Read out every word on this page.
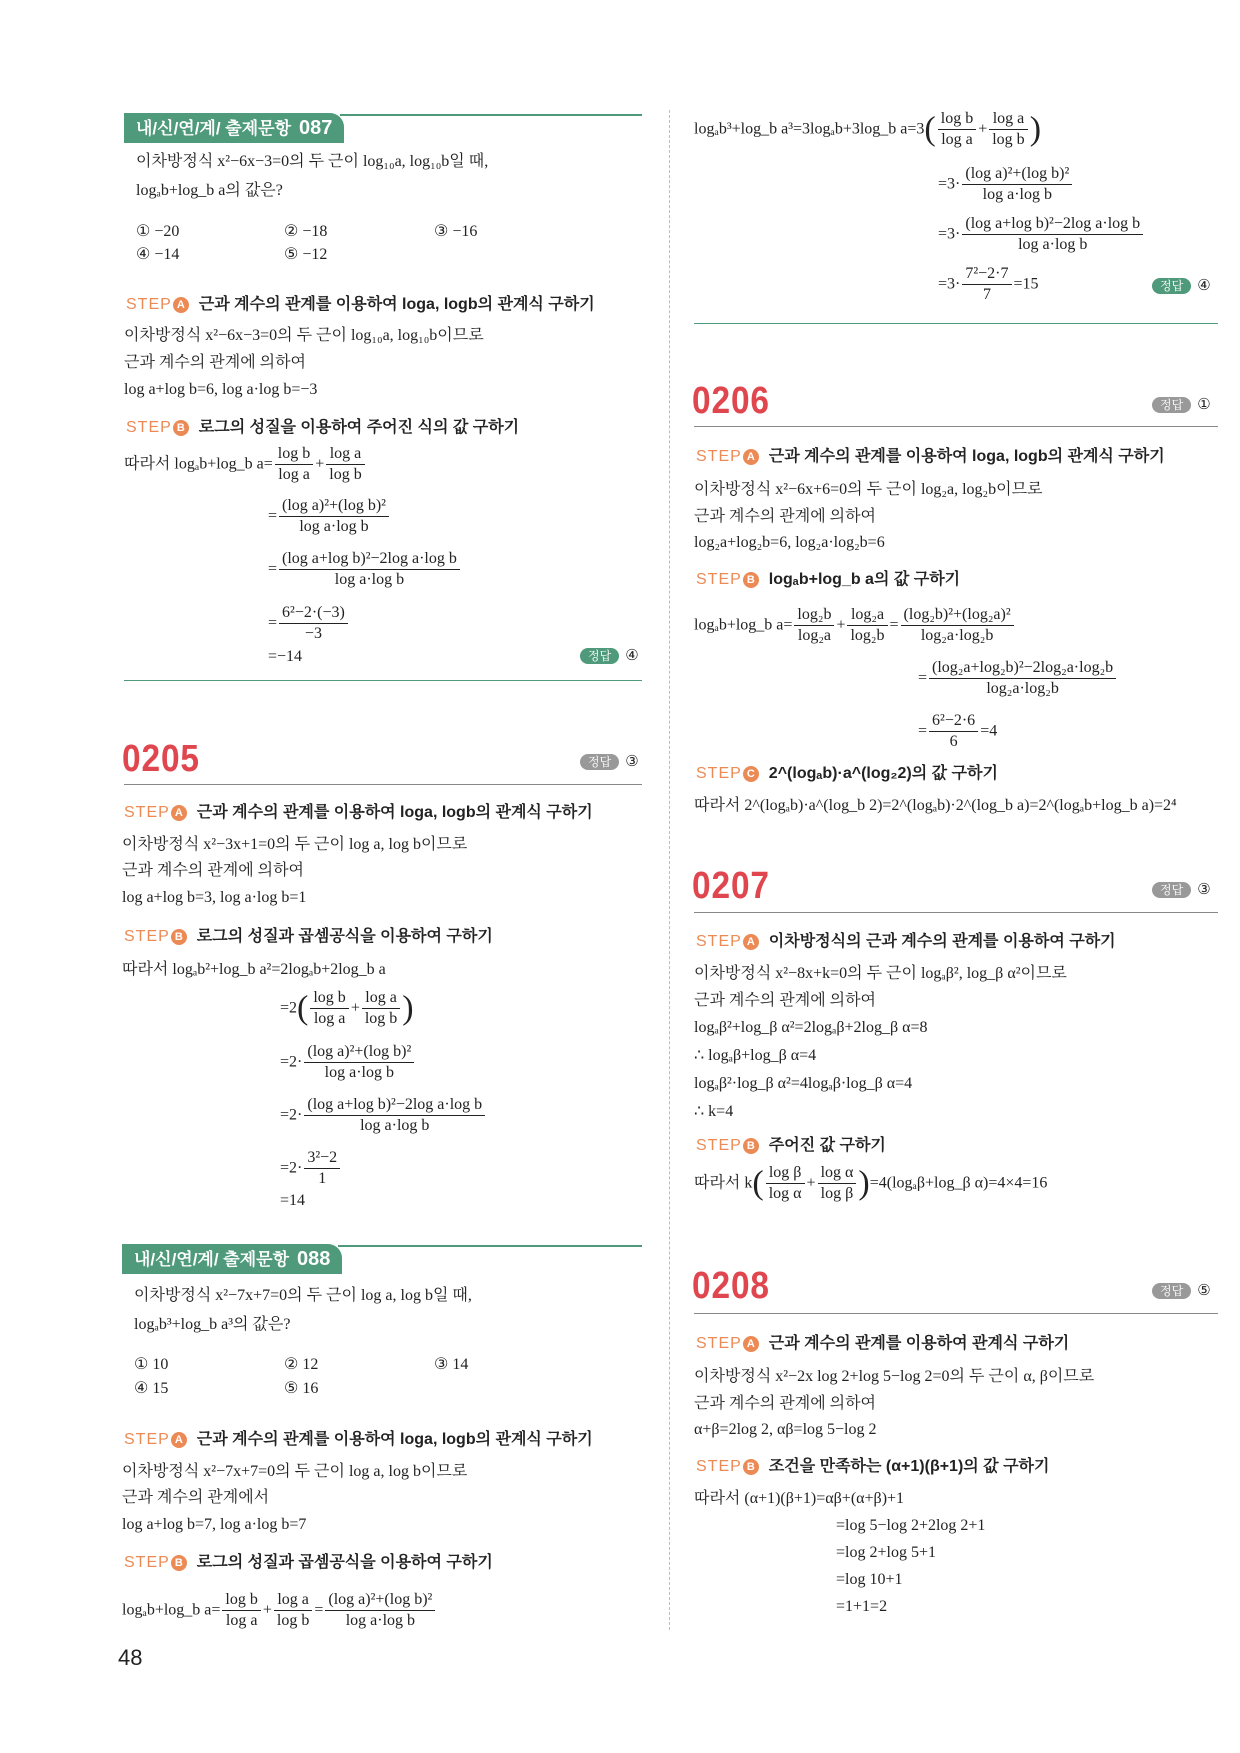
내/신/연/계/ 출제문항 087
이차방정식 x²−6x−3=0의 두 근이 log₁₀a, log₁₀b일 때,
logₐb+log_b a의 값은?
① −20	② −18	③ −16
④ −14	⑤ −12
STEP A 근과 계수의 관계를 이용하여 loga, logb의 관계식 구하기
이차방정식 x²−6x−3=0의 두 근이 log₁₀a, log₁₀b이므로
근과 계수의 관계에 의하여
log a+log b=6, log a·log b=−3
STEP B 로그의 성질을 이용하여 주어진 식의 값 구하기
따라서 logₐb+log_b $a= \frac{\text{log b}}{\text{log a}} + \frac{\text{log a}}{\text{log b}}$
= $\frac{\text{(log a)²+(log b)²}}{\text{log a·log b}}$
= $\frac{\text{(log a+log b)²−2log a·log b}}{\text{log a·log b}}$
= $\frac{\text{6²−2·(−3)}}{-3}$
=−14	정답 ④
0205	정답 ③
STEP A 근과 계수의 관계를 이용하여 loga, logb의 관계식 구하기
이차방정식 x²−3x+1=0의 두 근이 log a, log b이므로
근과 계수의 관계에 의하여
log a+log b=3, log a·log b=1
STEP B 로그의 성질과 곱셈공식을 이용하여 구하기
따라서 logₐb²+log_b a²=2logₐb+2log_b a
$=2( \frac{\text{log b}}{\text{log a}} + \frac{\text{log a}}{\text{log b}}$ )
$=2\cdot \frac{\text{(log a)²+(log b)²}}{\text{log a·log b}}$
$=2\cdot \frac{\text{(log a+log b)²−2log a·log b}}{\text{log a·log b}}$
$=2\cdot \frac{\text{3²−2}}{1}$
=14
내/신/연/계/ 출제문항 088
이차방정식 x²−7x+7=0의 두 근이 log a, log b일 때,
logₐb³+log_b a³의 값은?
① 10	② 12	③ 14
④ 15	⑤ 16
STEP A 근과 계수의 관계를 이용하여 loga, logb의 관계식 구하기
이차방정식 x²−7x+7=0의 두 근이 log a, log b이므로
근과 계수의 관계에서
log a+log b=7, log a·log b=7
STEP B 로그의 성질과 곱셈공식을 이용하여 구하기
logₐb+log_b $a= \frac{\text{log b}}{\text{log a}} + \frac{\text{log a}}{\text{log b}} = \frac{\text{(log a)²+(log b)²}}{\text{log a·log b}}$
48
logₐb³+log_b a³=3logₐb+3log_b $a=3( \frac{\text{log b}}{\text{log a}} + \frac{\text{log a}}{\text{log b}}$ )
$=3\cdot \frac{\text{(log a)²+(log b)²}}{\text{log a·log b}}$
$=3\cdot \frac{\text{(log a+log b)²−2log a·log b}}{\text{log a·log b}}$
$=3\cdot \frac{\text{7²−2·7}}{7} =15$	정답 ④
0206	정답 ①
STEP A 근과 계수의 관계를 이용하여 loga, logb의 관계식 구하기
이차방정식 x²−6x+6=0의 두 근이 log₂a, log₂b이므로
근과 계수의 관계에 의하여
log₂a+log₂b=6, log₂a·log₂b=6
STEP B logₐb+log_b a의 값 구하기
logₐb+log_b $a= \frac{\text{log₂b}}{\text{log₂a}} + \frac{\text{log₂a}}{\text{log₂b}} = \frac{\text{(log₂b)²+(log₂a)²}}{\text{log₂a·log₂b}}$
= $\frac{\text{(log₂a+log₂b)²−2log₂a·log₂b}}{\text{log₂a·log₂b}}$
= $\frac{\text{6²−2·6}}{6} =4$
STEP C 2^(logₐb)·a^(log₂2)의 값 구하기
따라서 2^(logₐb)·a^(log_b 2)=2^(logₐb)·2^(log_b a)=2^(logₐb+log_b a)=2⁴
0207	정답 ③
STEP A 이차방정식의 근과 계수의 관계를 이용하여 구하기
이차방정식 x²−8x+k=0의 두 근이 logₐβ², log_β α²이므로
근과 계수의 관계에 의하여
logₐβ²+log_β α²=2logₐβ+2log_β α=8
∴ logₐβ+log_β α=4
logₐβ²·log_β α²=4logₐβ·log_β α=4
∴ k=4
STEP B 주어진 값 구하기
따라서 $k( \frac{\text{log β}}{\text{log α}} + \frac{\text{log α}}{\text{log β}}$ )=4(logₐβ+log_β α)=4×4=16
0208	정답 ⑤
STEP A 근과 계수의 관계를 이용하여 관계식 구하기
이차방정식 x²−2x log 2+log 5−log 2=0의 두 근이 α, β이므로
근과 계수의 관계에 의하여
α+β=2log 2, αβ=log 5−log 2
STEP B 조건을 만족하는 (α+1)(β+1)의 값 구하기
따라서 (α+1)(β+1)=αβ+(α+β)+1
=log 5−log 2+2log 2+1
=log 2+log 5+1
=log 10+1
=1+1=2
